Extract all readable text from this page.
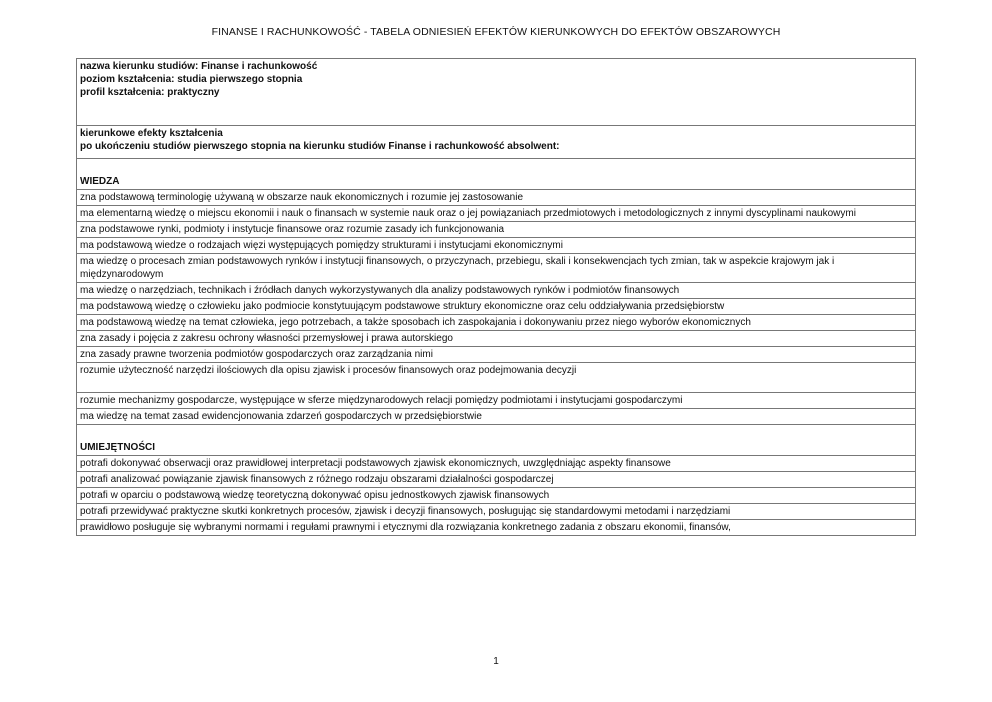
FINANSE I RACHUNKOWOŚĆ - TABELA ODNIESIEŃ EFEKTÓW KIERUNKOWYCH DO EFEKTÓW OBSZAROWYCH
nazwa kierunku studiów: Finanse i rachunkowość
poziom kształcenia: studia pierwszego stopnia
profil kształcenia: praktyczny

kierunkowe efekty kształcenia
po ukończeniu studiów pierwszego stopnia na kierunku studiów Finanse i rachunkowość absolwent:

WIEDZA
zna podstawową terminologię używaną w obszarze nauk ekonomicznych i rozumie jej zastosowanie
ma elementarną wiedzę o miejscu ekonomii i nauk o finansach w systemie nauk oraz o jej powiązaniach przedmiotowych i metodologicznych z innymi dyscyplinami naukowymi
zna podstawowe rynki, podmioty i instytucje finansowe oraz rozumie zasady ich funkcjonowania
ma podstawową wiedze o rodzajach więzi występujących pomiędzy strukturami i instytucjami ekonomicznymi
ma wiedzę o procesach zmian podstawowych rynków i instytucji finansowych, o przyczynach, przebiegu, skali i konsekwencjach tych zmian, tak w aspekcie krajowym jak i międzynarodowym
ma wiedzę o narzędziach, technikach i źródłach danych wykorzystywanych dla analizy podstawowych rynków i podmiotów finansowych
ma podstawową wiedzę o człowieku jako podmiocie konstytuującym podstawowe struktury ekonomiczne oraz celu oddziaływania przedsiębiorstw
ma podstawową wiedzę na temat człowieka, jego potrzebach, a także sposobach ich zaspokajania i dokonywaniu przez niego wyborów ekonomicznych
zna zasady i pojęcia z zakresu ochrony własności przemysłowej i prawa autorskiego
zna zasady prawne tworzenia podmiotów gospodarczych oraz zarządzania nimi
rozumie użyteczność narzędzi ilościowych dla opisu zjawisk i procesów finansowych oraz podejmowania decyzji
rozumie mechanizmy gospodarcze, występujące w sferze międzynarodowych relacji pomiędzy podmiotami i instytucjami gospodarczymi
ma wiedzę na temat zasad ewidencjonowania zdarzeń gospodarczych w przedsiębiorstwie
UMIEJĘTNOŚCI
potrafi dokonywać obserwacji oraz prawidłowej interpretacji podstawowych zjawisk ekonomicznych, uwzględniając aspekty finansowe
potrafi analizować powiązanie zjawisk finansowych z różnego rodzaju obszarami działalności gospodarczej
potrafi w oparciu o podstawową wiedzę teoretyczną dokonywać opisu jednostkowych zjawisk finansowych
potrafi przewidywać praktyczne skutki konkretnych procesów, zjawisk i decyzji finansowych, posługując się standardowymi metodami i narzędziami
prawidłowo posługuje się wybranymi normami i regułami prawnymi i etycznymi dla rozwiązania konkretnego zadania z obszaru ekonomii, finansów,
1
